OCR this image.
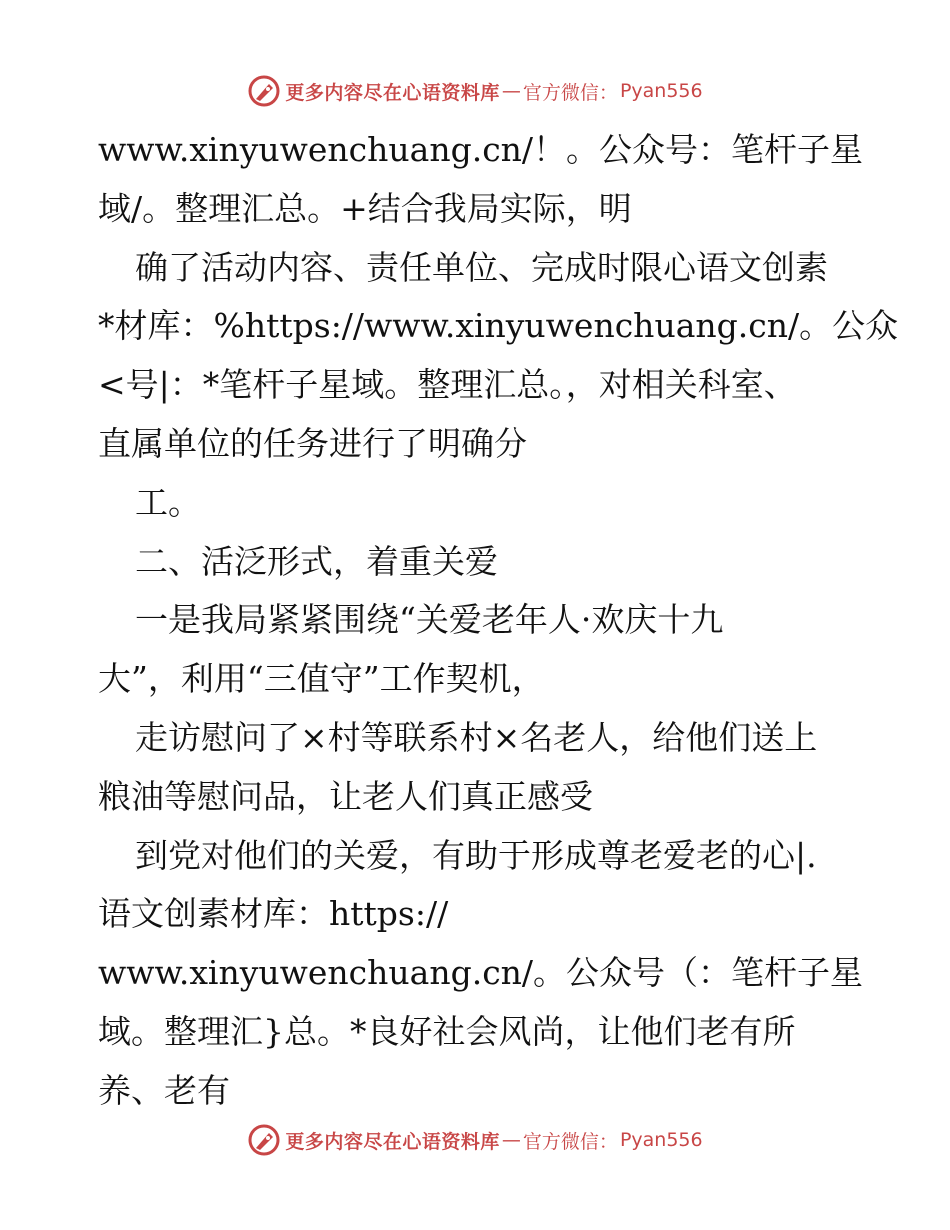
更多内容尽在心语资料库 — 官方微信： Pyan556
www.xinyuwenchuang.cn/！。公众号：笔杆子星
域/。整理汇总。+结合我局实际，明
确了活动内容、责任单位、完成时限心语文创素
*材库：%https://www.xinyuwenchuang.cn/。公众
<号|：*笔杆子星域。整理汇总。，对相关科室、
直属单位的任务进行了明确分
工。
二、活泛形式，着重关爱
一是我局紧紧围绕“关爱老年人·欢庆十九
大”，利用“三值守”工作契机，
走访慰问了×村等联系村×名老人，给他们送上
粮油等慰问品，让老人们真正感受
到党对他们的关爱，有助于形成尊老爱老的心|.
语文创素材库：https://
www.xinyuwenchuang.cn/。公众号（：笔杆子星
域。整理汇}总。*良好社会风尚，让他们老有所
养、老有
更多内容尽在心语资料库 — 官方微信： Pyan556
